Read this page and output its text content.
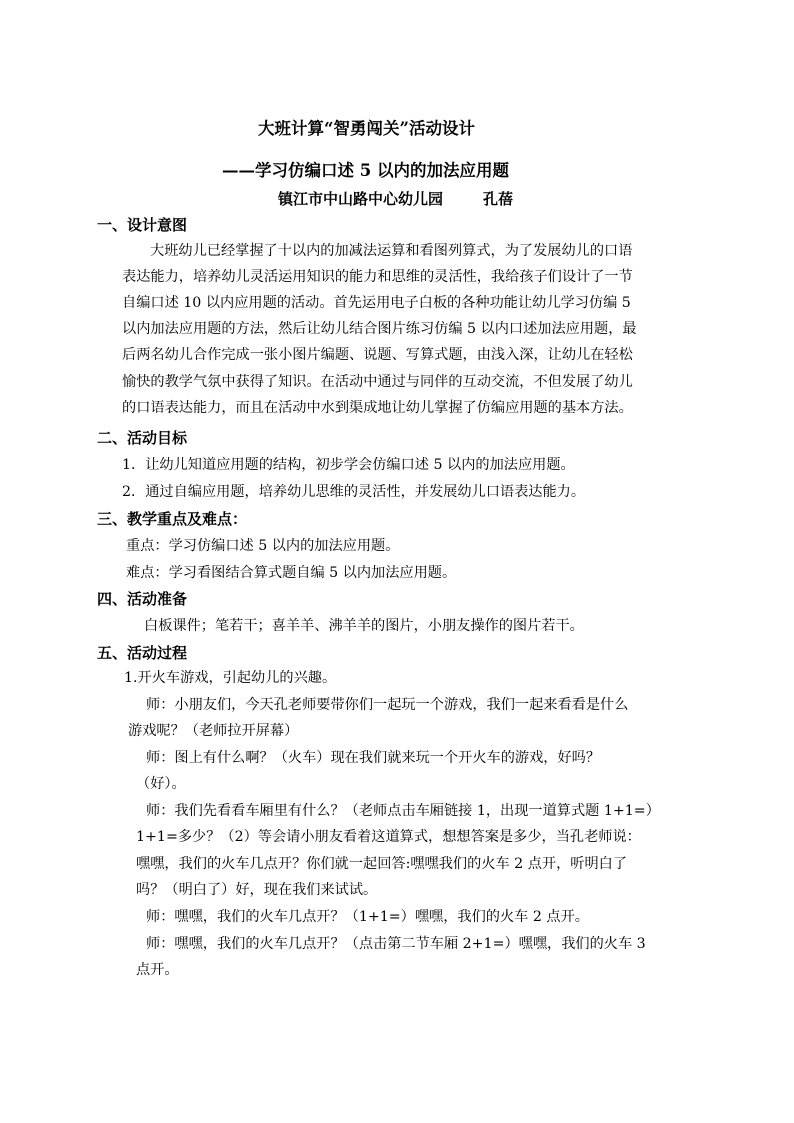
大班计算“智勇闯关”活动设计
——学习仿编口述 5 以内的加法应用题
镇江市中山路中心幼儿园	孔蓓
一、设计意图
大班幼儿已经掌握了十以内的加减法运算和看图列算式，为了发展幼儿的口语
表达能力，培养幼儿灵活运用知识的能力和思维的灵活性，我给孩子们设计了一节
自编口述 10 以内应用题的活动。首先运用电子白板的各种功能让幼儿学习仿编 5
以内加法应用题的方法，然后让幼儿结合图片练习仿编 5 以内口述加法应用题，最
后两名幼儿合作完成一张小图片编题、说题、写算式题，由浅入深，让幼儿在轻松
愉快的教学气氛中获得了知识。在活动中通过与同伴的互动交流，不但发展了幼儿
的口语表达能力，而且在活动中水到渠成地让幼儿掌握了仿编应用题的基本方法。
二、活动目标
1．让幼儿知道应用题的结构，初步学会仿编口述 5 以内的加法应用题。
2．通过自编应用题，培养幼儿思维的灵活性，并发展幼儿口语表达能力。
三、教学重点及难点：
重点：学习仿编口述 5 以内的加法应用题。
难点：学习看图结合算式题自编 5 以内加法应用题。
四、活动准备
白板课件；笔若干；喜羊羊、沸羊羊的图片，小朋友操作的图片若干。
五、活动过程
1.开火车游戏，引起幼儿的兴趣。
师：小朋友们，今天孔老师要带你们一起玩一个游戏，我们一起来看看是什么
游戏呢？（老师拉开屏幕）
师：图上有什么啊？（火车）现在我们就来玩一个开火车的游戏，好吗？
（好）。
师：我们先看看车厢里有什么？（老师点击车厢链接 1，出现一道算式题 1+1=）
1+1=多少？（2）等会请小朋友看着这道算式，想想答案是多少，当孔老师说：
嘿嘿，我们的火车几点开？你们就一起回答:嘿嘿我们的火车 2 点开，听明白了
吗？（明白了）好，现在我们来试试。
师：嘿嘿，我们的火车几点开？（1+1=）嘿嘿，我们的火车 2 点开。
师：嘿嘿，我们的火车几点开？（点击第二节车厢 2+1=）嘿嘿，我们的火车 3
点开。
